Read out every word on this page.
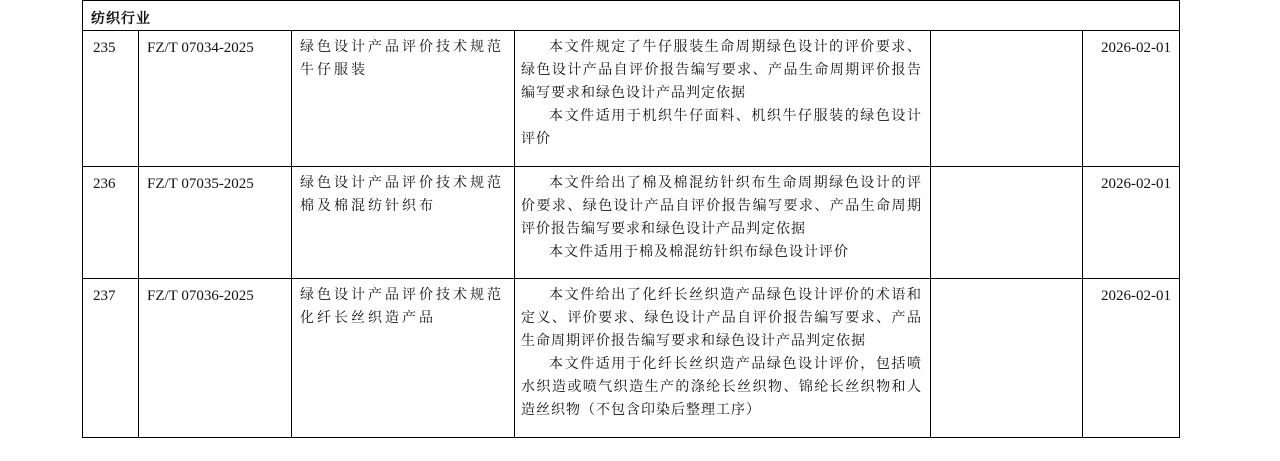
纺织行业					

235	FZ/T 07034-2025	绿色设计产品评价技术规范 牛仔服装	本文件规定了牛仔服装生命周期绿色设计的评价要求、绿色设计产品自评价报告编写要求、产品生命周期评价报告编写要求和绿色设计产品判定依据

本文件适用于机织牛仔面料、机织牛仔服装的绿色设计评价		2026-02-01

236	FZ/T 07035-2025	绿色设计产品评价技术规范 棉及棉混纺针织布	本文件给出了棉及棉混纺针织布生命周期绿色设计的评价要求、绿色设计产品自评价报告编写要求、产品生命周期评价报告编写要求和绿色设计产品判定依据

本文件适用于棉及棉混纺针织布绿色设计评价		2026-02-01

237	FZ/T 07036-2025	绿色设计产品评价技术规范 化纤长丝织造产品	本文件给出了化纤长丝织造产品绿色设计评价的术语和定义、评价要求、绿色设计产品自评价报告编写要求、产品生命周期评价报告编写要求和绿色设计产品判定依据

本文件适用于化纤长丝织造产品绿色设计评价，包括喷水织造或喷气织造生产的涤纶长丝织物、锦纶长丝织物和人造丝织物（不包含印染后整理工序）		2026-02-01
